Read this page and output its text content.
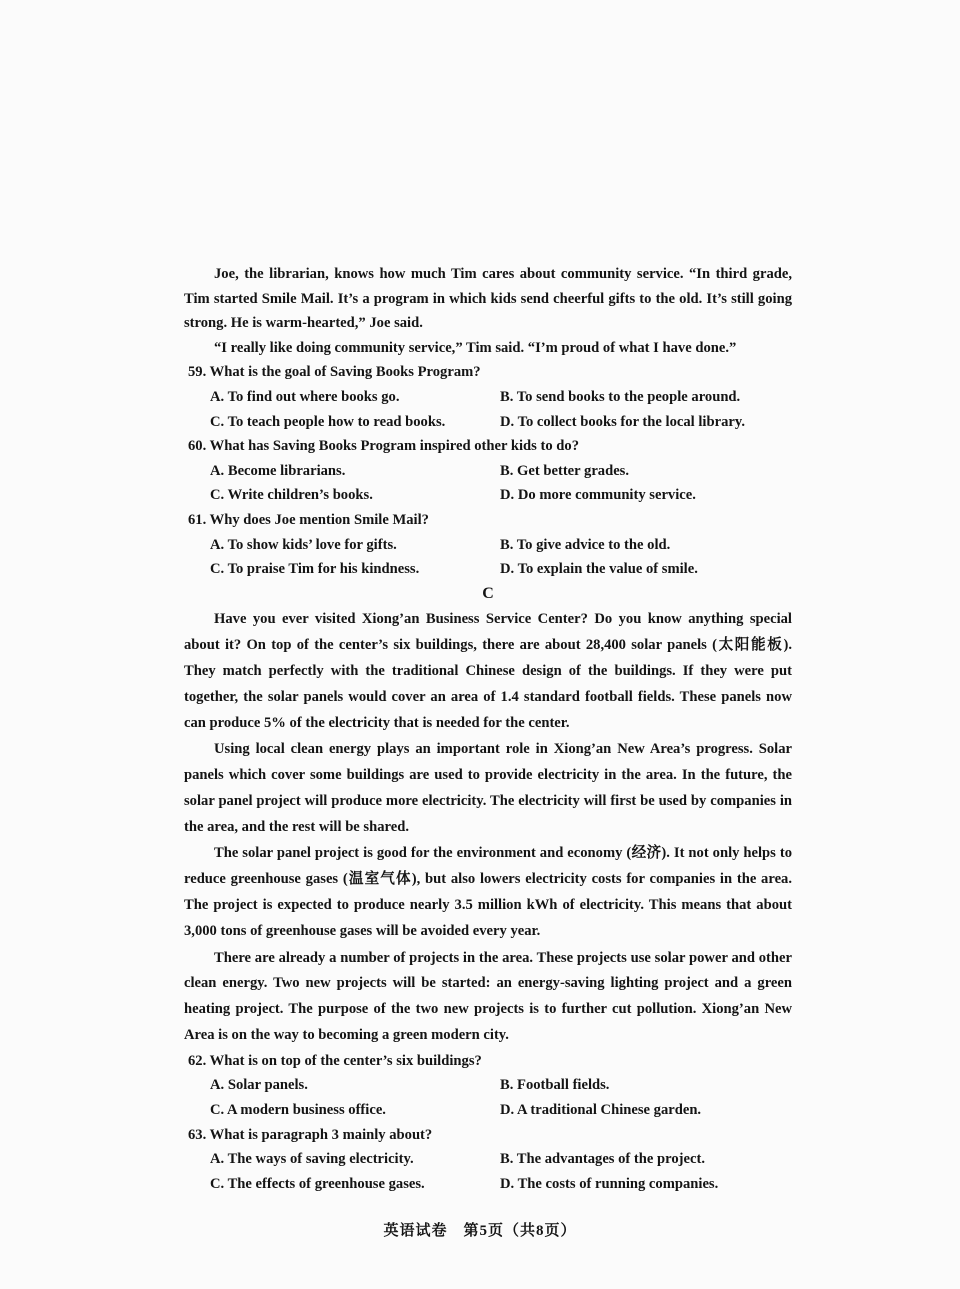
Joe, the librarian, knows how much Tim cares about community service. “In third grade, Tim started Smile Mail. It’s a program in which kids send cheerful gifts to the old. It’s still going strong. He is warm-hearted,” Joe said.

“I really like doing community service,” Tim said. “I’m proud of what I have done.”

59. What is the goal of Saving Books Program?

A. To find out where books go.	B. To send books to the people around.
C. To teach people how to read books.	D. To collect books for the local library.

60. What has Saving Books Program inspired other kids to do?

A. Become librarians.	B. Get better grades.
C. Write children’s books.	D. Do more community service.

61. Why does Joe mention Smile Mail?

A. To show kids’ love for gifts.	B. To give advice to the old.
C. To praise Tim for his kindness.	D. To explain the value of smile.

C

Have you ever visited Xiong’an Business Service Center? Do you know anything special about it? On top of the center’s six buildings, there are about 28,400 solar panels (太阳能板). They match perfectly with the traditional Chinese design of the buildings. If they were put together, the solar panels would cover an area of 1.4 standard football fields. These panels now can produce 5% of the electricity that is needed for the center.

Using local clean energy plays an important role in Xiong’an New Area’s progress. Solar panels which cover some buildings are used to provide electricity in the area. In the future, the solar panel project will produce more electricity. The electricity will first be used by companies in the area, and the rest will be shared.

The solar panel project is good for the environment and economy (经济). It not only helps to reduce greenhouse gases (温室气体), but also lowers electricity costs for companies in the area. The project is expected to produce nearly 3.5 million kWh of electricity. This means that about 3,000 tons of greenhouse gases will be avoided every year.

There are already a number of projects in the area. These projects use solar power and other clean energy. Two new projects will be started: an energy-saving lighting project and a green heating project. The purpose of the two new projects is to further cut pollution. Xiong’an New Area is on the way to becoming a green modern city.

62. What is on top of the center’s six buildings?

A. Solar panels.	B. Football fields.
C. A modern business office.	D. A traditional Chinese garden.

63. What is paragraph 3 mainly about?

A. The ways of saving electricity.	B. The advantages of the project.
C. The effects of greenhouse gases.	D. The costs of running companies.
英语试卷　第5页（共8页）
